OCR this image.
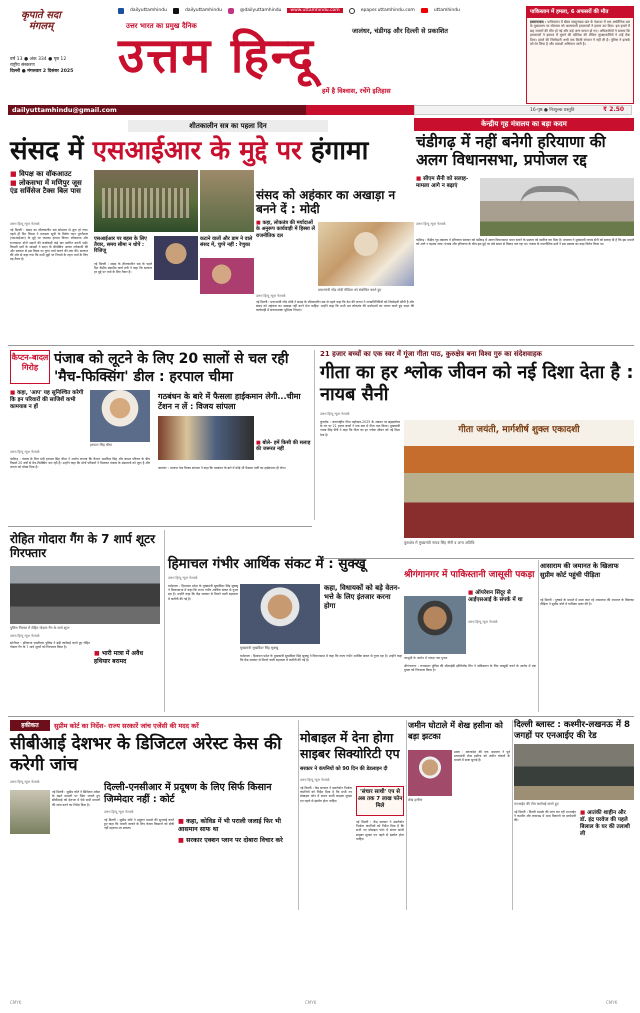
dailyuttamhindu	dailyuttamhindu	@dailyuttamhindu	www.uttamhindu.com	epaper.uttamhindu.com	uttamhindu
कृपाते सदा मंगलम्
वर्ष 13 ● अंक 334 ● पृष्ठ 12
राष्ट्रीय संस्करण
दिल्ली ● मंगलवार 2 दिसंबर 2025
उत्तर भारत का प्रमुख दैनिक
उत्तम हिन्दू	जालंधर, चंडीगढ़ और दिल्ली से प्रकाशित
हमें है विश्वास, रचेंगे इतिहास
dailyuttamhindu@gmail.com	16-पृष्ठ ● निःशुल्क प्रस्तुति	₹ 2.50
पाकिस्तान में हमला, 6 अफसरों की मौत
इस्लामाबाद : पाकिस्तान में खैबर पख्तूनख्वा प्रांत के पेशावर में एक अर्धसैनिक बल के मुख्यालय पर सोमवार को आत्मघाती हमलावरों ने हमला कर दिया। इस हमले में छह जवानों की मौत हो गई और कई अन्य घायल हो गए। अधिकारियों ने बताया कि हमलावरों ने इमारत में घुसने की कोशिश की लेकिन सुरक्षाकर्मियों ने उन्हें रोक दिया। हमले की जिम्मेदारी अभी तक किसी संगठन ने नहीं ली है। पुलिस ने इलाके को घेर लिया है और तलाशी अभियान जारी है।
शीतकालीन सत्र का पहला दिन
संसद में एसआईआर के मुद्दे पर हंगामा
■ विपक्ष का वॉकआउट
■ लोकसभा में मणिपुर जूस एंड सर्विसेज टैक्स बिल पास
उत्तम हिन्दू न्यूज नेटवर्क
नई दिल्ली : संसद का शीतकालीन सत्र सोमवार से शुरू हो गया। पहले ही दिन विपक्ष ने मतदाता सूची के विशेष गहन पुनरीक्षण (एसआईआर) के मुद्दे पर जमकर हंगामा किया। लोकसभा और राज्यसभा दोनों सदनों की कार्यवाही कई बार स्थगित करनी पड़ी। विपक्षी दलों के सांसदों ने सदन के बीचोंबीच आकर नारेबाजी की और सरकार से इस विषय पर तुरंत चर्चा कराने की मांग की। सरकार की ओर से कहा गया कि सभी मुद्दों पर नियमों के तहत चर्चा के लिए वह तैयार है।
एसआईआर पर बहस के लिए तैयार, समय सीमा न थोपें : रिजिजू
नई दिल्ली : संसद के शीतकालीन सत्र के पहले दिन केंद्रीय संसदीय कार्य मंत्री ने कहा कि सरकार हर मुद्दे पर चर्चा के लिए तैयार है।
कटाने वालों और डाम ने वाले संसद में, चुप्पे नहीं : रेणुका
संसद को अहंकार का अखाड़ा न बनने दें : मोदी
■ कहा, लोकतंत्र की मर्यादाओं के अनुरूप कार्यवाही में हिस्सा लें राजनीतिक दल
प्रधानमंत्री नरेंद्र मोदी मीडिया को संबोधित करते हुए
उत्तम हिन्दू न्यूज नेटवर्क
नई दिल्ली : प्रधानमंत्री नरेंद्र मोदी ने संसद के शीतकालीन सत्र से पहले कहा कि देश की जनता ने जनप्रतिनिधियों को जिम्मेदारी सौंपी है और संसद को अहंकार का अखाड़ा नहीं बनने देना चाहिए। उन्होंने कहा कि सभी दल लोकतंत्र की मर्यादाओं का पालन करते हुए सदन की कार्यवाही में सकारात्मक भूमिका निभाएं।
केन्द्रीय गृह मंत्रालय का बड़ा कदम
चंडीगढ़ में नहीं बनेगी हरियाणा की अलग विधानसभा, प्रपोजल रद्द
■ सीएम सैनी को सलाह- मामला आगे न बढ़ाएं
उत्तम हिन्दू न्यूज नेटवर्क
चंडीगढ़ : केंद्रीय गृह मंत्रालय ने हरियाणा सरकार को चंडीगढ़ में अलग विधानसभा भवन बनाने के प्रस्ताव को खारिज कर दिया है। मंत्रालय ने मुख्यमंत्री नायब सैनी को सलाह दी है कि इस मामले को आगे न बढ़ाया जाए। पंजाब और हरियाणा के बीच इस मुद्दे पर लंबे समय से विवाद चल रहा था। पंजाब के राजनीतिक दलों ने इस प्रस्ताव का कड़ा विरोध किया था।
कैप्टन-बादल गिरोह
पंजाब को लूटने के लिए 20 सालों से चल रही 'मैच-फिक्सिंग' डील : हरपाल चीमा
■ कहा, 'आप' यह सुनिश्चित करेगी कि इन परिवारों की साजिशें कभी कामयाब न हों
हरपाल सिंह चीमा
उत्तम हिन्दू न्यूज नेटवर्क
चंडीगढ़ : पंजाब के वित्त मंत्री हरपाल सिंह चीमा ने आरोप लगाया कि कैप्टन अमरिंदर सिंह और बादल परिवार के बीच पिछले 20 वर्षों से मैच-फिक्सिंग चल रही है। उन्होंने कहा कि दोनों परिवारों ने मिलकर पंजाब के संसाधनों को लूटा है और जनता को धोखा दिया है।
गठबंधन के बारे में फैसला हाईकमान लेगी...चीमा टेंशन न लें : विजय सांपला
■ बोले- हमें किसी की सलाह की जरूरत नहीं
जालंधर : भाजपा नेता विजय सांपला ने कहा कि गठबंधन के बारे में कोई भी फैसला पार्टी का हाईकमान ही लेगा।
21 हजार बच्चों का एक स्वर में गूंजा गीता पाठ, कुरुक्षेत्र बना विश्व गुरु का संदेशवाहक
गीता का हर श्लोक जीवन को नई दिशा देता है : नायब सैनी
उत्तम हिन्दू न्यूज नेटवर्क
कुरुक्षेत्र : अंतरराष्ट्रीय गीता महोत्सव-2025 के अवसर पर ब्रह्मसरोवर के तट पर 21 हजार बच्चों ने एक स्वर में गीता पाठ किया। मुख्यमंत्री नायब सिंह सैनी ने कहा कि गीता का हर श्लोक जीवन को नई दिशा देता है।	गीता जयंती, मार्गशीर्ष शुक्ल एकादशी
कुरुक्षेत्र में मुख्यमंत्री नायब सिंह सैनी व अन्य अतिथि
रोहित गोदारा गैंग के 7 शार्प शूटर गिरफ्तार
पुलिस गिरफ्त में रोहित गोदारा गैंग के शार्प शूटर
उत्तम हिन्दू न्यूज नेटवर्क
सोनीपत : हरियाणा एसटीएफ पुलिस ने बड़ी कार्रवाई करते हुए रोहित गोदारा गैंग के 7 शार्प शूटरों को गिरफ्तार किया है।
■ भारी मात्रा में अवैध हथियार बरामद
हिमाचल गंभीर आर्थिक संकट में : सुक्खू
उत्तम हिन्दू न्यूज नेटवर्क
धर्मशाला : हिमाचल प्रदेश के मुख्यमंत्री सुखविंदर सिंह सुक्खू ने विधानसभा में कहा कि राज्य गंभीर आर्थिक संकट से गुजर रहा है। उन्होंने कहा कि केंद्र सरकार से मिलने वाली सहायता में कटौती की गई है।
मुख्यमंत्री सुखविंदर सिंह सुक्खू
कहा, विधायकों को बड़े वेतन-भत्ते के लिए इंतजार करना होगा
धर्मशाला : हिमाचल प्रदेश के मुख्यमंत्री सुखविंदर सिंह सुक्खू ने विधानसभा में कहा कि राज्य गंभीर आर्थिक संकट से गुजर रहा है। उन्होंने कहा कि केंद्र सरकार से मिलने वाली सहायता में कटौती की गई है।
श्रीगंगानगर में पाकिस्तानी जासूसी पकड़ा
■ ऑपरेशन सिंदूर से आईएसआई के संपर्क में था
जासूसी के आरोप में पकड़ा गया युवक
उत्तम हिन्दू न्यूज नेटवर्क
श्रीगंगानगर : राजस्थान पुलिस की सीआईडी इंटेलिजेंस विंग ने पाकिस्तान के लिए जासूसी करने के आरोप में एक युवक को गिरफ्तार किया है।
आसाराम की जमानत के खिलाफ सुप्रीम कोर्ट पहुंची पीड़िता
नई दिल्ली : दुष्कर्म के मामले में सजा काट रहे आसाराम की जमानत के खिलाफ पीड़िता ने सुप्रीम कोर्ट में याचिका दायर की है।
हकीकत	सुप्रीम कोर्ट का निर्देश- राज्य सरकारें जांच एजेंसी की मदद करें
सीबीआई देशभर के डिजिटल अरेस्ट केस की करेगी जांच
उत्तम हिन्दू न्यूज नेटवर्क
नई दिल्ली : सुप्रीम कोर्ट ने डिजिटल अरेस्ट के बढ़ते मामलों पर चिंता जताते हुए सीबीआई को देशभर में ऐसे सभी मामलों की जांच करने का निर्देश दिया है।
दिल्ली-एनसीआर में प्रदूषण के लिए सिर्फ किसान जिम्मेदार नहीं : कोर्ट
उत्तम हिन्दू न्यूज नेटवर्क
नई दिल्ली : सुप्रीम कोर्ट ने प्रदूषण मामले की सुनवाई करते हुए कहा कि पराली जलाने के लिए केवल किसानों को दोषी नहीं ठहराया जा सकता।
■ कहा, कोविड में भी पराली जलाई फिर भी आसमान साफ था
■ सरकार एक्शन प्लान पर दोबारा विचार करे
मोबाइल में देना होगा साइबर सिक्योरिटी एप
सरकार ने कंपनियों को 90 दिन की डेडलाइन दी
उत्तम हिन्दू न्यूज नेटवर्क
नई दिल्ली : केंद्र सरकार ने स्मार्टफोन निर्माता कंपनियों को निर्देश दिया है कि सभी नए मोबाइल फोन में संचार साथी साइबर सुरक्षा एप पहले से इंस्टॉल होना चाहिए।
'संचार साथी' एप से अब तक 7 लाख फोन मिले
नई दिल्ली : केंद्र सरकार ने स्मार्टफोन निर्माता कंपनियों को निर्देश दिया है कि सभी नए मोबाइल फोन में संचार साथी साइबर सुरक्षा एप पहले से इंस्टॉल होना चाहिए।
जमीन घोटाले में शेख हसीना को बड़ा झटका
शेख हसीना
ढाका : बांग्लादेश की एक अदालत ने पूर्व प्रधानमंत्री शेख हसीना को जमीन घोटाले के मामले में सजा सुनाई है।
दिल्ली ब्लास्ट : कश्मीर-लखनऊ में 8 जगहों पर एनआईए की रेड
एनआईए की टीम कार्रवाई करते हुए
नई दिल्ली : दिल्ली धमाके की जांच कर रही एनआईए ने कश्मीर और लखनऊ में आठ ठिकानों पर छापेमारी की।
■ आतंकी शाहीन और डॉ. इंद्र परवेज की पहले बिलाल के घर की तलाशी ली
CMYK	CMYK	CMYK
